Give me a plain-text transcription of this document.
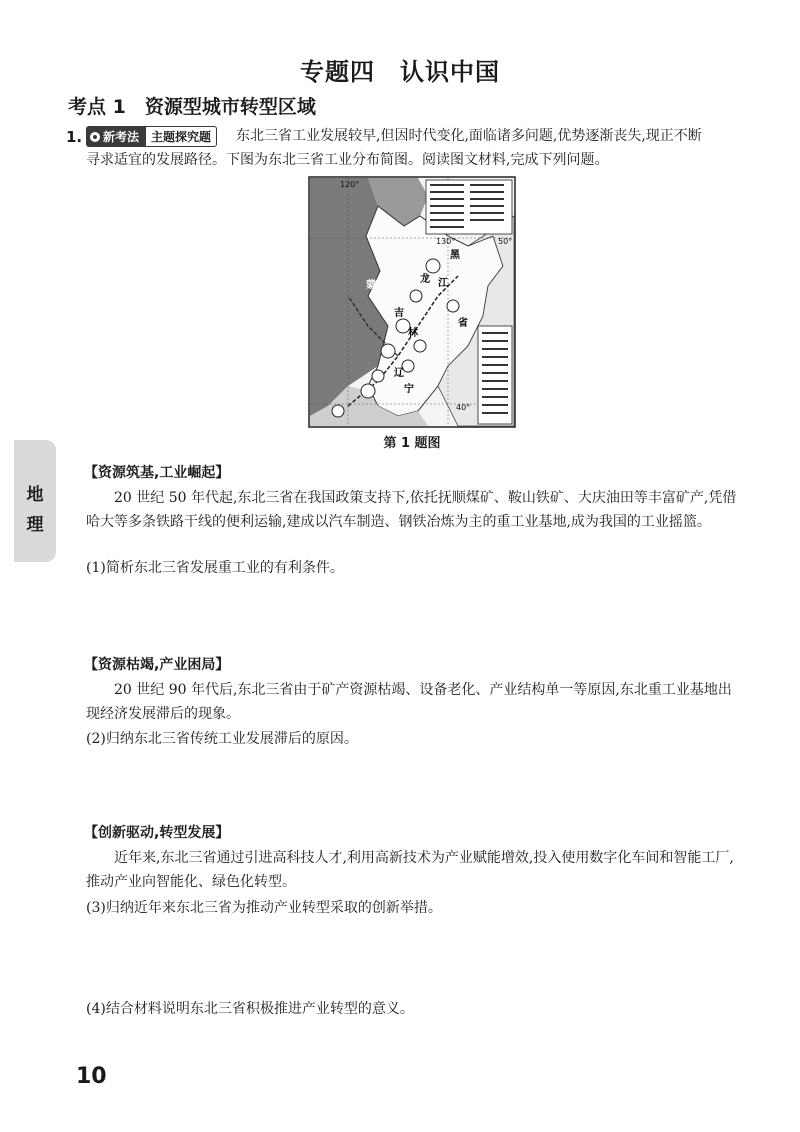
专题四　认识中国
考点 1　资源型城市转型区域
1. 新考法	主题探究题	东北三省工业发展较早,但因时代变化,面临诸多问题,优势逐渐丧失,现正不断
寻求适宜的发展路径。下图为东北三省工业分布简图。阅读图文材料,完成下列问题。
120°
130°	50°
40°
黑
龙 江
省
吉
林
辽
宁
蒙
第 1 题图
地
理
【资源筑基,工业崛起】
20 世纪 50 年代起,东北三省在我国政策支持下,依托抚顺煤矿、鞍山铁矿、大庆油田等丰富矿产,凭借哈大等多条铁路干线的便利运输,建成以汽车制造、钢铁冶炼为主的重工业基地,成为我国的工业摇篮。
(1)简析东北三省发展重工业的有利条件。
【资源枯竭,产业困局】
20 世纪 90 年代后,东北三省由于矿产资源枯竭、设备老化、产业结构单一等原因,东北重工业基地出现经济发展滞后的现象。
(2)归纳东北三省传统工业发展滞后的原因。
【创新驱动,转型发展】
近年来,东北三省通过引进高科技人才,利用高新技术为产业赋能增效,投入使用数字化车间和智能工厂,推动产业向智能化、绿色化转型。
(3)归纳近年来东北三省为推动产业转型采取的创新举措。
(4)结合材料说明东北三省积极推进产业转型的意义。
10
